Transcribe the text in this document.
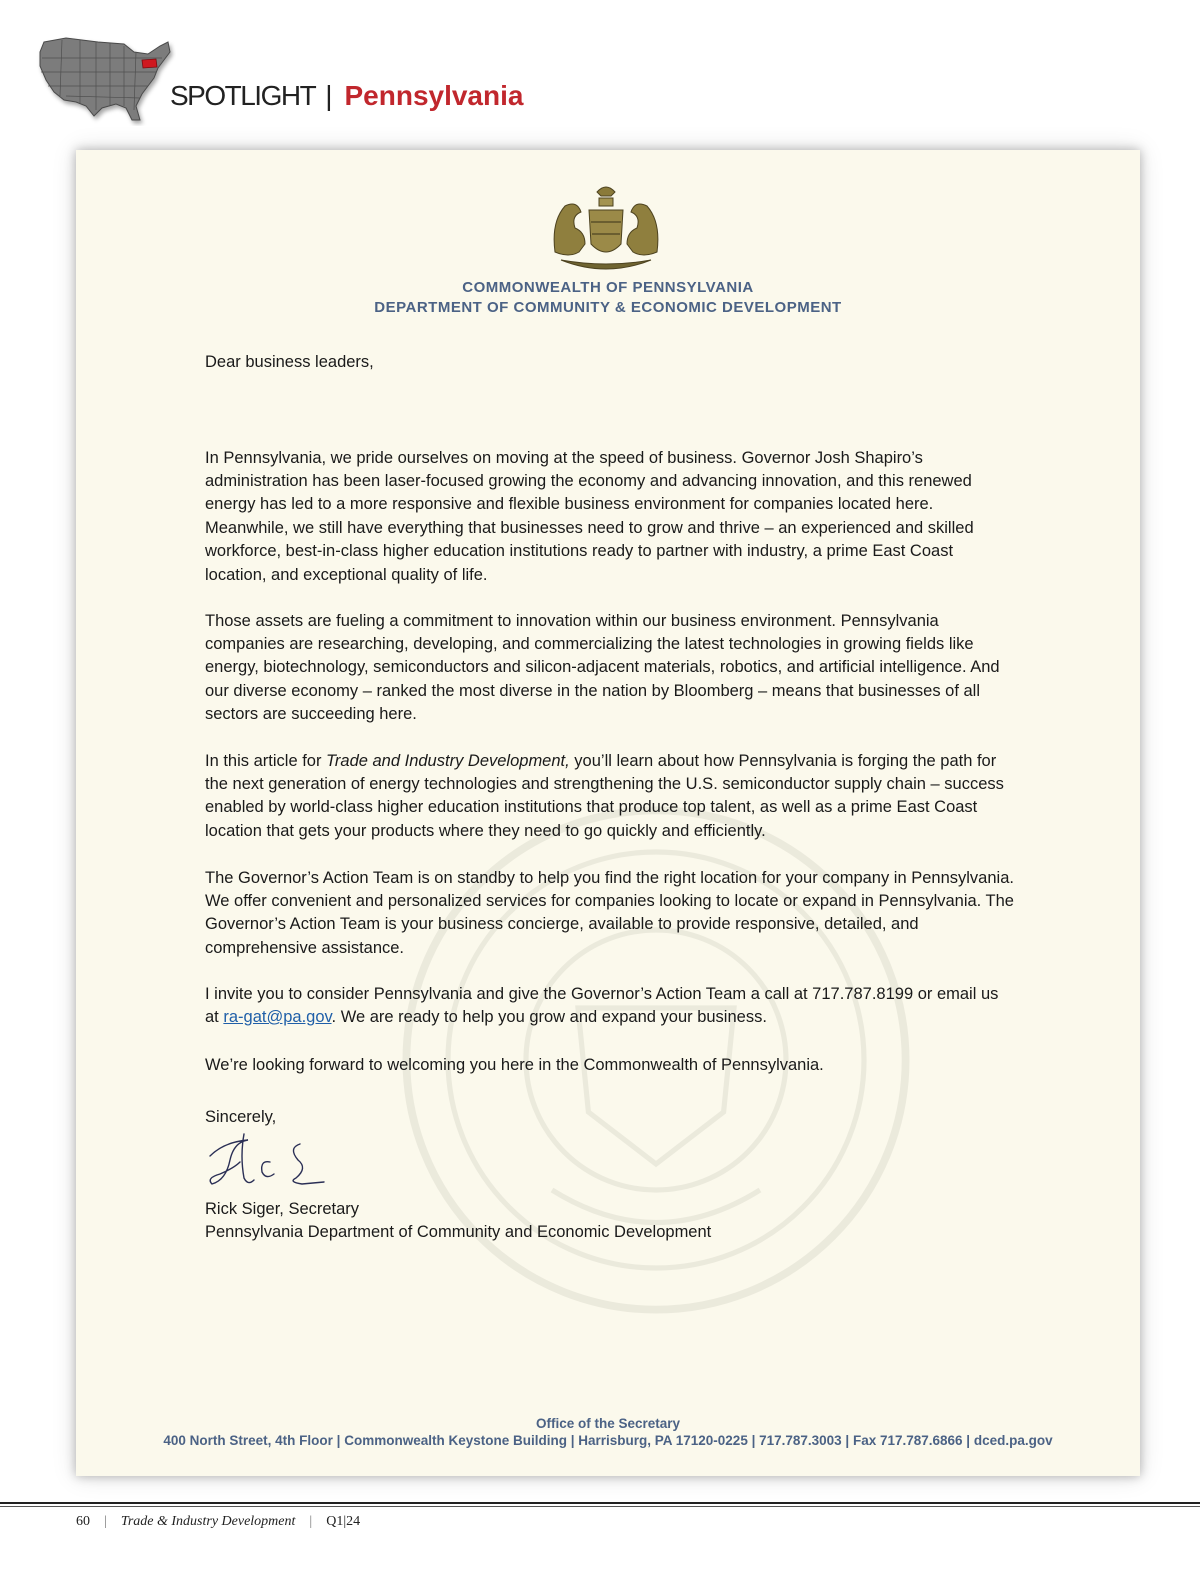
SPOTLIGHT | Pennsylvania
COMMONWEALTH OF PENNSYLVANIA
DEPARTMENT OF COMMUNITY & ECONOMIC DEVELOPMENT
Dear business leaders,

In Pennsylvania, we pride ourselves on moving at the speed of business. Governor Josh Shapiro’s administration has been laser-focused growing the economy and advancing innovation, and this renewed energy has led to a more responsive and flexible business environment for companies located here. Meanwhile, we still have everything that businesses need to grow and thrive – an experienced and skilled workforce, best-in-class higher education institutions ready to partner with industry, a prime East Coast location, and exceptional quality of life.

Those assets are fueling a commitment to innovation within our business environment. Pennsylvania companies are researching, developing, and commercializing the latest technologies in growing fields like energy, biotechnology, semiconductors and silicon-adjacent materials, robotics, and artificial intelligence. And our diverse economy – ranked the most diverse in the nation by Bloomberg – means that businesses of all sectors are succeeding here.

In this article for Trade and Industry Development, you’ll learn about how Pennsylvania is forging the path for the next generation of energy technologies and strengthening the U.S. semiconductor supply chain – success enabled by world-class higher education institutions that produce top talent, as well as a prime East Coast location that gets your products where they need to go quickly and efficiently.

The Governor’s Action Team is on standby to help you find the right location for your company in Pennsylvania. We offer convenient and personalized services for companies looking to locate or expand in Pennsylvania. The Governor’s Action Team is your business concierge, available to provide responsive, detailed, and comprehensive assistance.

I invite you to consider Pennsylvania and give the Governor’s Action Team a call at 717.787.8199 or email us at ra-gat@pa.gov. We are ready to help you grow and expand your business.

We’re looking forward to welcoming you here in the Commonwealth of Pennsylvania.

Sincerely,
Rick Siger, Secretary
Pennsylvania Department of Community and Economic Development
Office of the Secretary
400 North Street, 4th Floor | Commonwealth Keystone Building | Harrisburg, PA 17120-0225 | 717.787.3003 | Fax 717.787.6866 | dced.pa.gov
60 | Trade & Industry Development | Q1|24
